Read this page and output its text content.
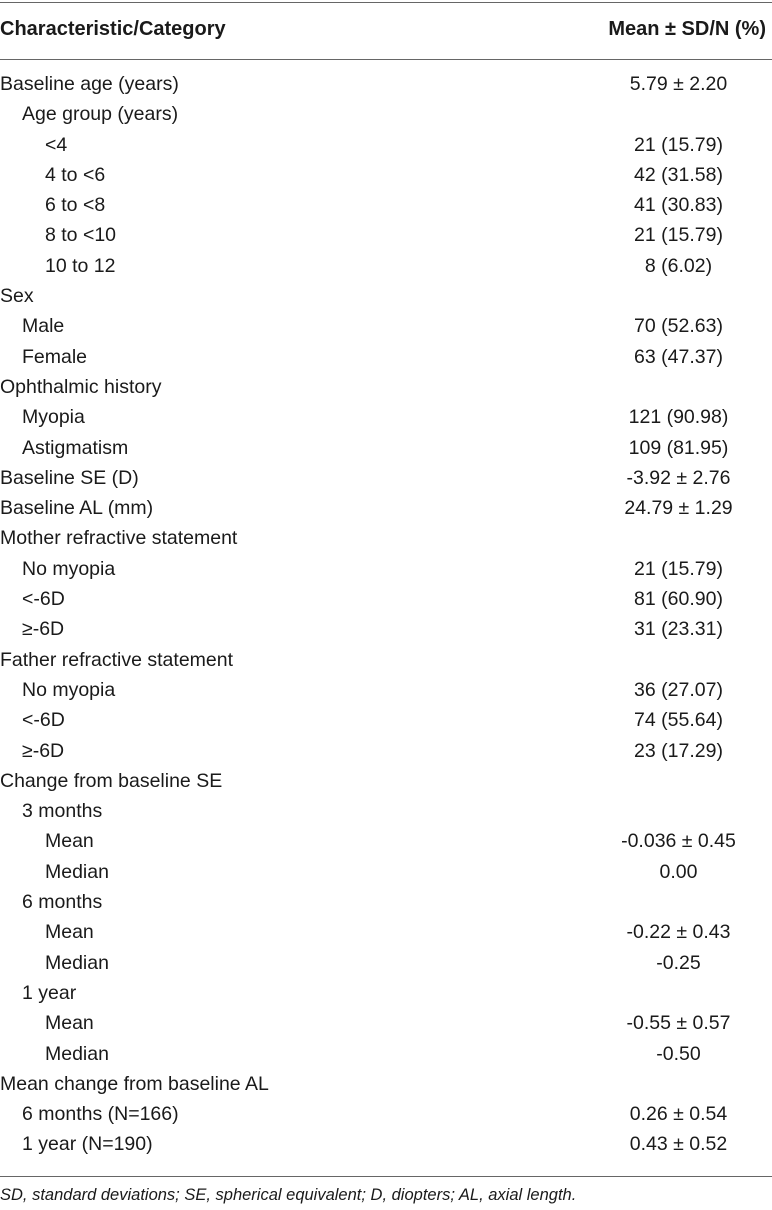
Characteristic/Category	Mean ± SD/N (%)
Baseline age (years)	5.79 ± 2.20
Age group (years)
<4	21 (15.79)
4 to <6	42 (31.58)
6 to <8	41 (30.83)
8 to <10	21 (15.79)
10 to 12	8 (6.02)
Sex
Male	70 (52.63)
Female	63 (47.37)
Ophthalmic history
Myopia	121 (90.98)
Astigmatism	109 (81.95)
Baseline SE (D)	-3.92 ± 2.76
Baseline AL (mm)	24.79 ± 1.29
Mother refractive statement
No myopia	21 (15.79)
<-6D	81 (60.90)
≥-6D	31 (23.31)
Father refractive statement
No myopia	36 (27.07)
<-6D	74 (55.64)
≥-6D	23 (17.29)
Change from baseline SE
3 months
Mean	-0.036 ± 0.45
Median	0.00
6 months
Mean	-0.22 ± 0.43
Median	-0.25
1 year
Mean	-0.55 ± 0.57
Median	-0.50
Mean change from baseline AL
6 months (N=166)	0.26 ± 0.54
1 year (N=190)	0.43 ± 0.52
SD, standard deviations; SE, spherical equivalent; D, diopters; AL, axial length.
